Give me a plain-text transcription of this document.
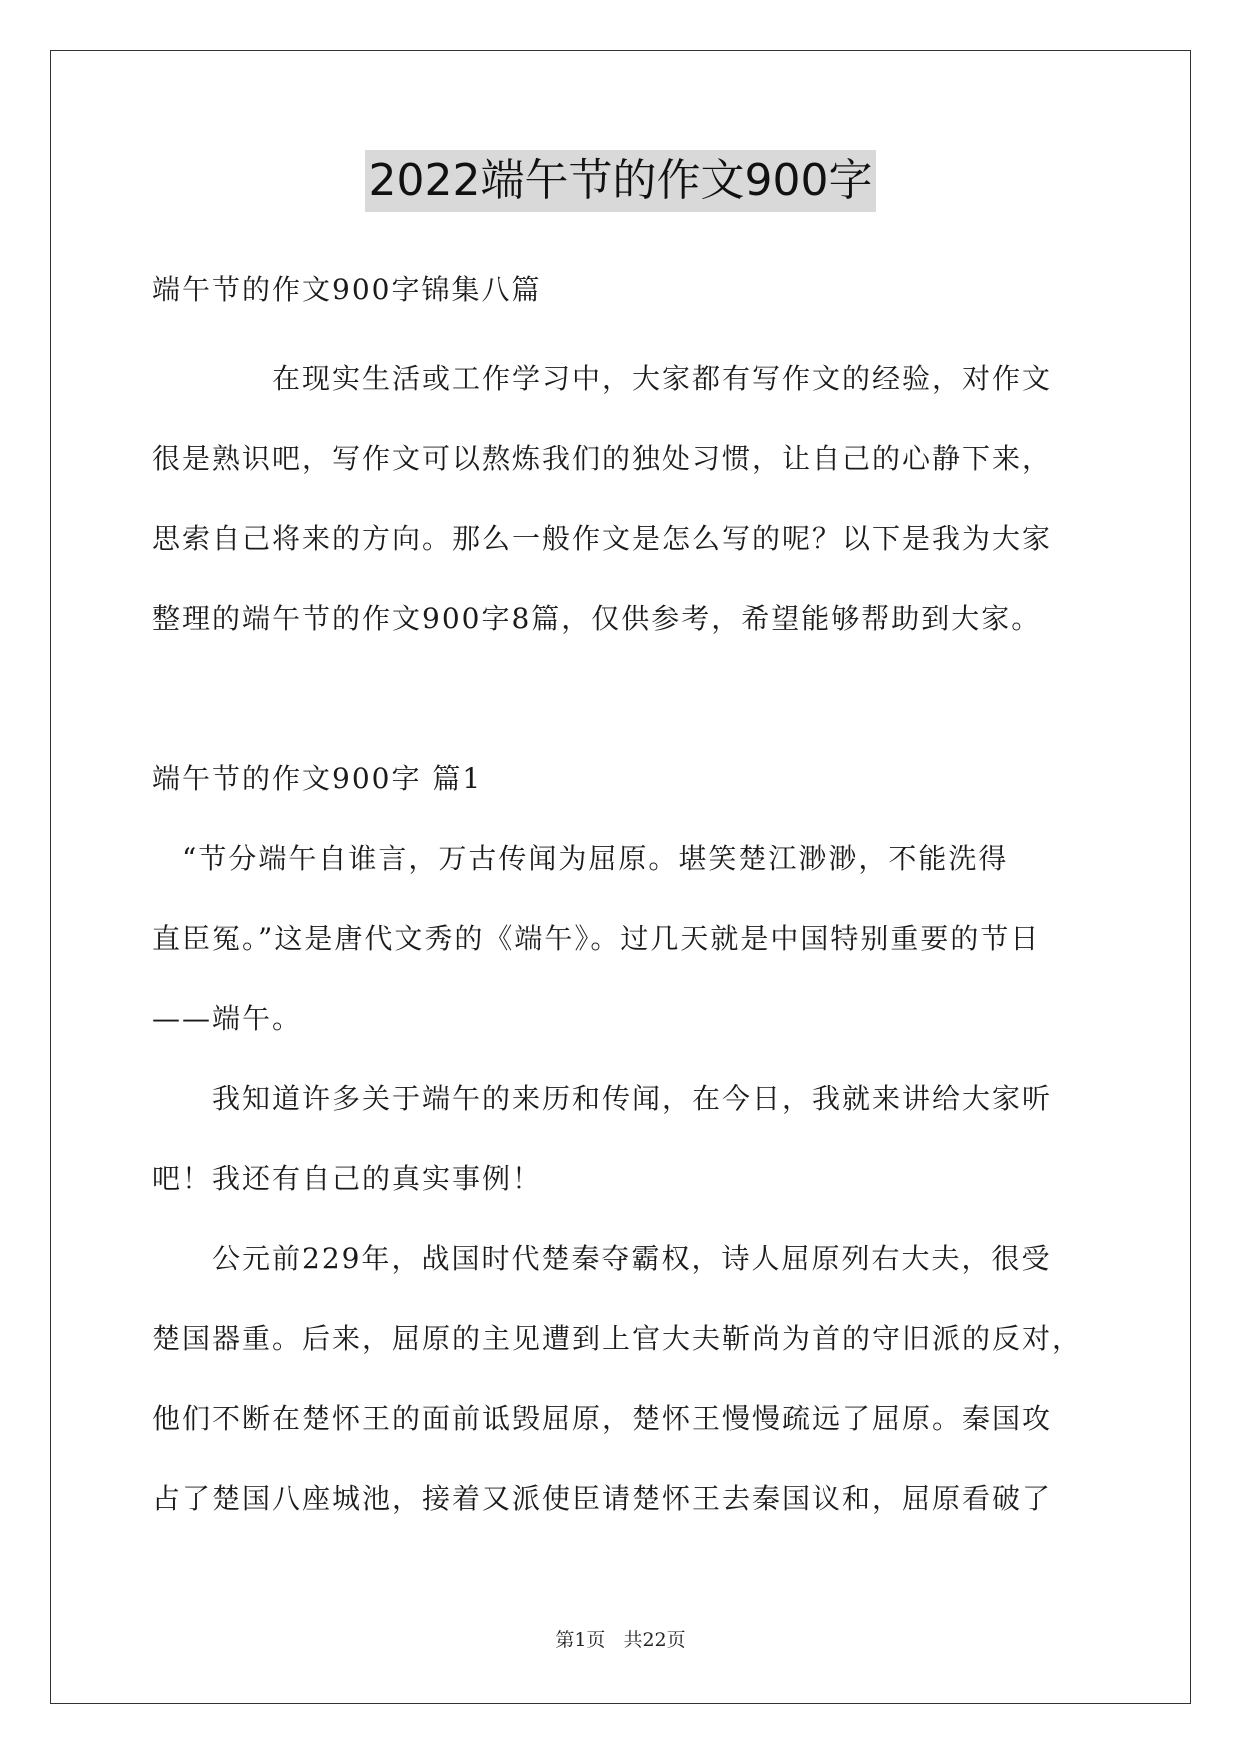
2022端午节的作文900字

端午节的作文900字锦集八篇

　　　　在现实生活或工作学习中，大家都有写作文的经验，对作文
很是熟识吧，写作文可以熬炼我们的独处习惯，让自己的心静下来，
思索自己将来的方向。那么一般作文是怎么写的呢？以下是我为大家
整理的端午节的作文900字8篇，仅供参考，希望能够帮助到大家。

端午节的作文900字 篇1

　“节分端午自谁言，万古传闻为屈原。堪笑楚江渺渺，不能洗得
直臣冤。”这是唐代文秀的《端午》。过几天就是中国特别重要的节日
——端午。
　　我知道许多关于端午的来历和传闻，在今日，我就来讲给大家听
吧！我还有自己的真实事例！
　　公元前229年，战国时代楚秦夺霸权，诗人屈原列右大夫，很受
楚国器重。后来，屈原的主见遭到上官大夫靳尚为首的守旧派的反对，
他们不断在楚怀王的面前诋毁屈原，楚怀王慢慢疏远了屈原。秦国攻
占了楚国八座城池，接着又派使臣请楚怀王去秦国议和，屈原看破了
第1页 共22页
